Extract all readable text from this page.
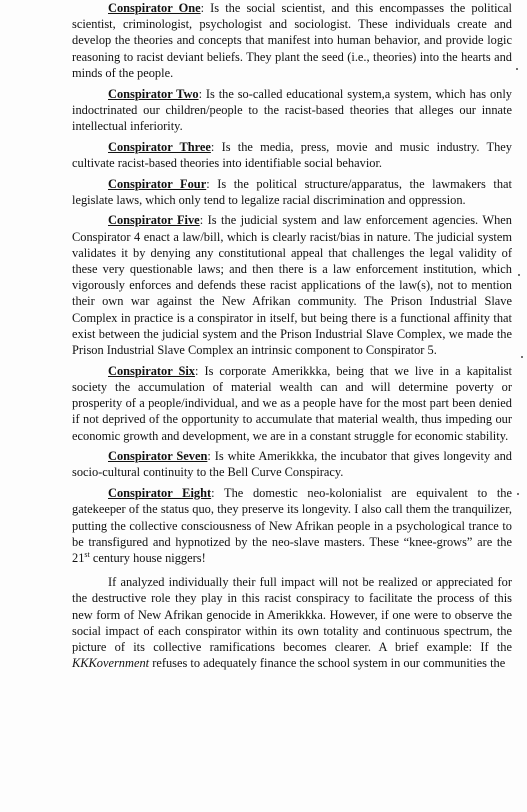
Conspirator One: Is the social scientist, and this encompasses the political scientist, criminologist, psychologist and sociologist. These individuals create and develop the theories and concepts that manifest into human behavior, and provide logic reasoning to racist deviant beliefs. They plant the seed (i.e., theories) into the hearts and minds of the people.

Conspirator Two: Is the so-called educational system,a system, which has only indoctrinated our children/people to the racist-based theories that alleges our innate intellectual inferiority.

Conspirator Three: Is the media, press, movie and music industry. They cultivate racist-based theories into identifiable social behavior.

Conspirator Four: Is the political structure/apparatus, the lawmakers that legislate laws, which only tend to legalize racial discrimination and oppression.

Conspirator Five: Is the judicial system and law enforcement agencies. When Conspirator 4 enact a law/bill, which is clearly racist/bias in nature. The judicial system validates it by denying any constitutional appeal that challenges the legal validity of these very questionable laws; and then there is a law enforcement institution, which vigorously enforces and defends these racist applications of the law(s), not to mention their own war against the New Afrikan community. The Prison Industrial Slave Complex in practice is a conspirator in itself, but being there is a functional affinity that exist between the judicial system and the Prison Industrial Slave Complex, we made the Prison Industrial Slave Complex an intrinsic component to Conspirator 5.

Conspirator Six: Is corporate Amerikkka, being that we live in a kapitalist society the accumulation of material wealth can and will determine poverty or prosperity of a people/individual, and we as a people have for the most part been denied if not deprived of the opportunity to accumulate that material wealth, thus impeding our economic growth and development, we are in a constant struggle for economic stability.

Conspirator Seven: Is white Amerikkka, the incubator that gives longevity and socio-cultural continuity to the Bell Curve Conspiracy.

Conspirator Eight: The domestic neo-kolonialist are equivalent to the gatekeeper of the status quo, they preserve its longevity. I also call them the tranquilizer, putting the collective consciousness of New Afrikan people in a psychological trance to be transfigured and hypnotized by the neo-slave masters. These “knee-grows” are the 21st century house niggers!

If analyzed individually their full impact will not be realized or appreciated for the destructive role they play in this racist conspiracy to facilitate the process of this new form of New Afrikan genocide in Amerikkka. However, if one were to observe the social impact of each conspirator within its own totality and continuous spectrum, the picture of its collective ramifications becomes clearer. A brief example: If the KKKovernment refuses to adequately finance the school system in our communities the
